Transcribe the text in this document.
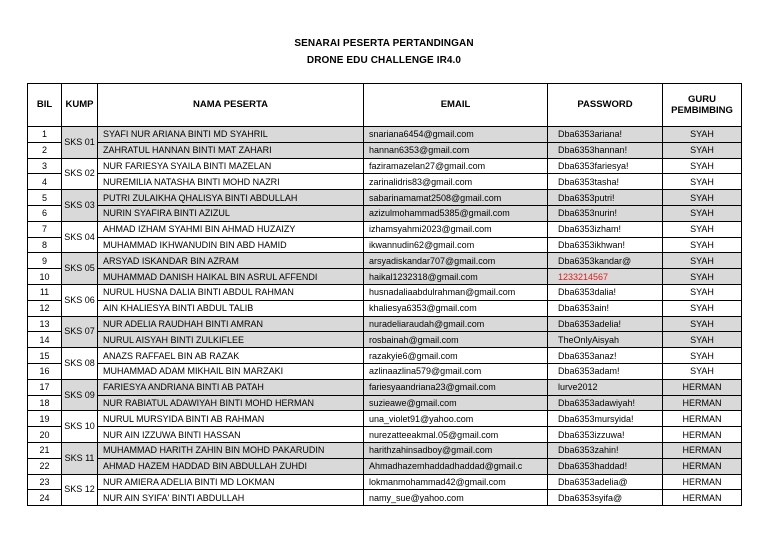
SENARAI PESERTA PERTANDINGAN
DRONE EDU CHALLENGE IR4.0
BIL	KUMP	NAMA PESERTA	EMAIL	PASSWORD	GURU PEMBIMBING
1	SKS 01	SYAFI NUR ARIANA BINTI MD SYAHRIL	snariana6454@gmail.com	Dba6353ariana!	SYAH
2		ZAHRATUL HANNAN BINTI MAT ZAHARI	hannan6353@gmail.com	Dba6353hannan!	SYAH
3	SKS 02	NUR FARIESYA SYAILA BINTI MAZELAN	faziramazelan27@gmail.com	Dba6353fariesya!	SYAH
4		NUREMILIA NATASHA BINTI MOHD NAZRI	zarinalidris83@gmail.com	Dba6353tasha!	SYAH
5	SKS 03	PUTRI ZULAIKHA QHALISYA BINTI ABDULLAH	sabarinamamat2508@gmail.com	Dba6353putri!	SYAH
6		NURIN SYAFIRA BINTI AZIZUL	azizulmohammad5385@gmail.com	Dba6353nurin!	SYAH
7	SKS 04	AHMAD IZHAM SYAHMI BIN AHMAD HUZAIZY	izhamsyahmi2023@gmail.com	Dba6353izham!	SYAH
8		MUHAMMAD IKHWANUDIN BIN ABD HAMID	ikwannudin62@gmail.com	Dba6353ikhwan!	SYAH
9	SKS 05	ARSYAD ISKANDAR BIN AZRAM	arsyadiskandar707@gmail.com	Dba6353kandar@	SYAH
10		MUHAMMAD DANISH HAIKAL BIN ASRUL AFFENDI	haikal1232318@gmail.com	1233214567	SYAH
11	SKS 06	NURUL HUSNA DALIA BINTI ABDUL RAHMAN	husnadaliaabdulrahman@gmail.com	Dba6353dalia!	SYAH
12		AIN KHALIESYA BINTI ABDUL TALIB	khaliesya6353@gmail.com	Dba6353ain!	SYAH
13	SKS 07	NUR ADELIA RAUDHAH BINTI AMRAN	nuradeliaraudah@gmail.com	Dba6353adelia!	SYAH
14		NURUL AISYAH BINTI ZULKIFLEE	rosbainah@gmail.com	TheOnlyAisyah	SYAH
15	SKS 08	ANAZS RAFFAEL BIN AB RAZAK	razakyie6@gmail.com	Dba6353anaz!	SYAH
16		MUHAMMAD ADAM MIKHAIL BIN MARZAKI	azlinaazlina579@gmail.com	Dba6353adam!	SYAH
17	SKS 09	FARIESYA ANDRIANA BINTI AB PATAH	fariesyaandriana23@gmail.com	lurve2012	HERMAN
18		NUR RABIATUL ADAWIYAH BINTI MOHD HERMAN	suzieawe@gmail.com	Dba6353adawiyah!	HERMAN
19	SKS 10	NURUL MURSYIDA BINTI AB RAHMAN	una_violet91@yahoo.com	Dba6353mursyida!	HERMAN
20		NUR AIN IZZUWA BINTI HASSAN	nurezatteeakmal.05@gmail.com	Dba6353izzuwa!	HERMAN
21	SKS 11	MUHAMMAD HARITH ZAHIN BIN MOHD PAKARUDIN	harithzahinsadboy@gmail.com	Dba6353zahin!	HERMAN
22		AHMAD HAZEM HADDAD BIN ABDULLAH ZUHDI	Ahmadhazemhaddadhaddad@gmail.c	Dba6353haddad!	HERMAN
23	SKS 12	NUR AMIERA ADELIA BINTI MD LOKMAN	lokmanmohammad42@gmail.com	Dba6353adelia@	HERMAN
24		NUR AIN SYIFA' BINTI ABDULLAH	namy_sue@yahoo.com	Dba6353syifa@	HERMAN
